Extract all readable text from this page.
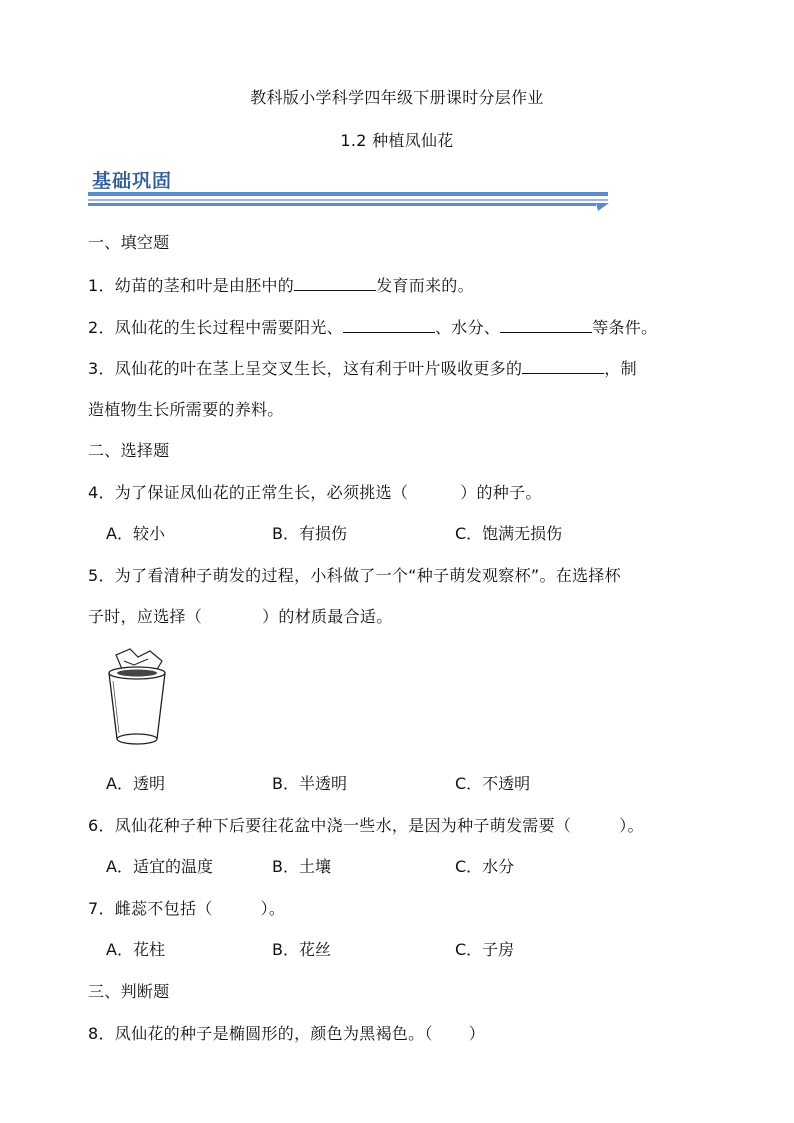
教科版小学科学四年级下册课时分层作业
1.2 种植凤仙花
基础巩固
一、填空题
1．幼苗的茎和叶是由胚中的	发育而来的。
2．凤仙花的生长过程中需要阳光、	、水分、	等条件。
3．凤仙花的叶在茎上呈交叉生长，这有利于叶片吸收更多的	，制
造植物生长所需要的养料。
二、选择题
4．为了保证凤仙花的正常生长，必须挑选（	）的种子。
A．较小	B．有损伤	C．饱满无损伤
5．为了看清种子萌发的过程，小科做了一个“种子萌发观察杯”。在选择杯
子时，应选择（	）的材质最合适。
A．透明	B．半透明	C．不透明
6．凤仙花种子种下后要往花盆中浇一些水，是因为种子萌发需要（	）。
A．适宜的温度	B．土壤	C．水分
7．雌蕊不包括（	）。
A．花柱	B．花丝	C．子房
三、判断题
8．凤仙花的种子是椭圆形的，颜色为黑褐色。（ ）
